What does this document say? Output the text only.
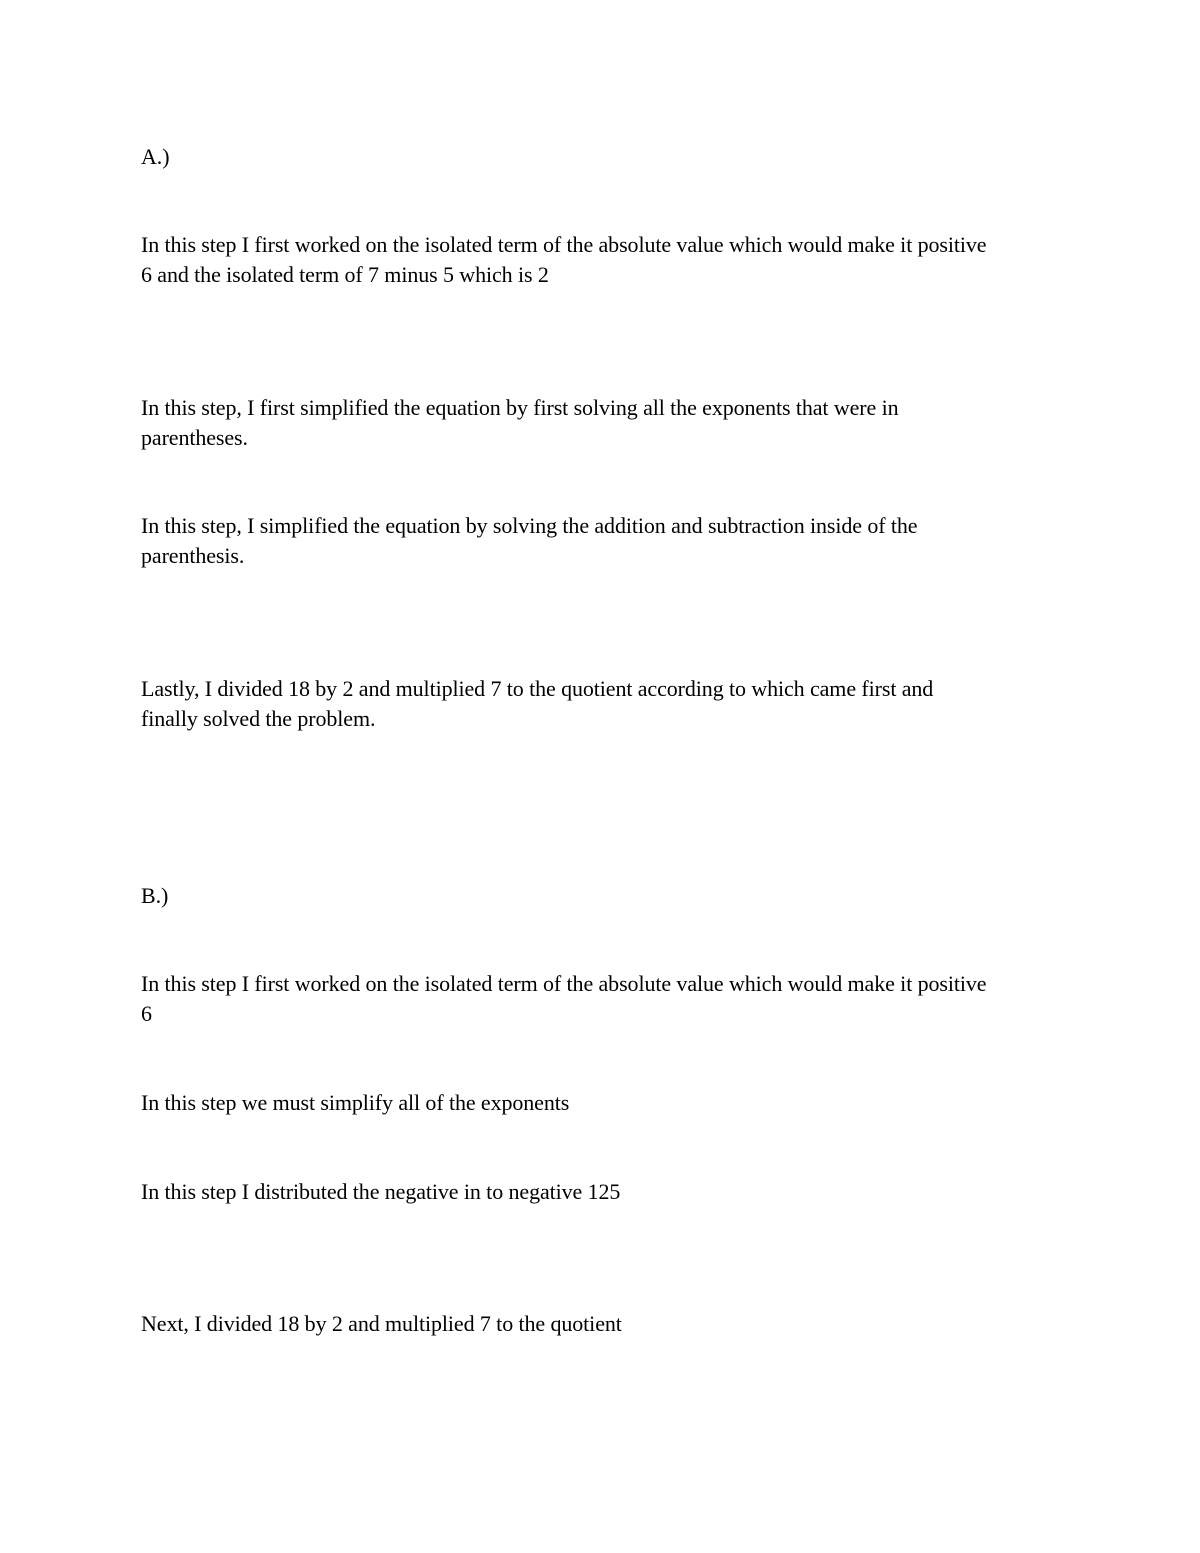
A.)
In this step I first worked on the isolated term of the absolute value which would make it positive
6 and the isolated term of 7 minus 5 which is 2
In this step, I first simplified the equation by first solving all the exponents that were in
parentheses.
In this step, I simplified the equation by solving the addition and subtraction inside of the
parenthesis.
Lastly, I divided 18 by 2 and multiplied 7 to the quotient according to which came first and
finally solved the problem.
B.)
In this step I first worked on the isolated term of the absolute value which would make it positive
6
In this step we must simplify all of the exponents
In this step I distributed the negative in to negative 125
Next, I divided 18 by 2 and multiplied 7 to the quotient
